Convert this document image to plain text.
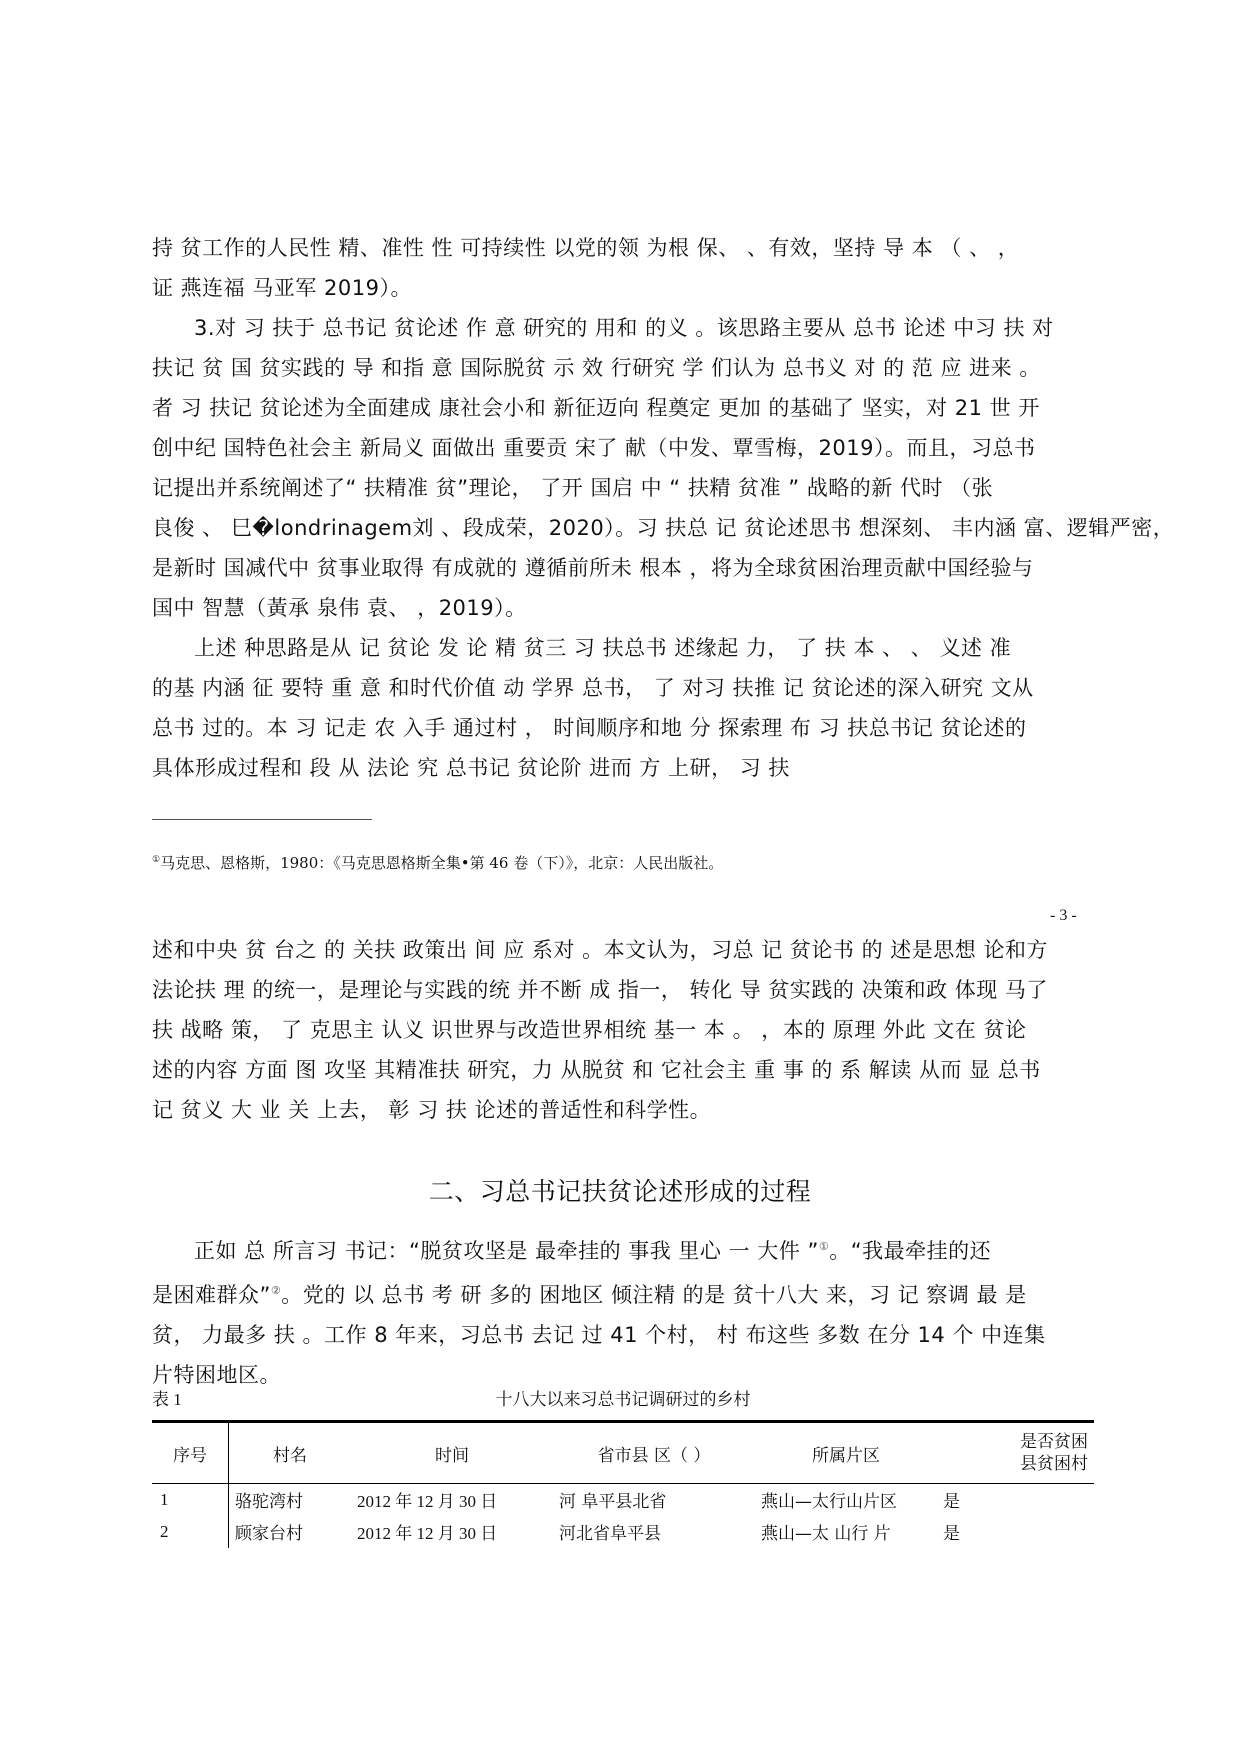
持 贫工作的人民性 精、准性 性 可持续性 以党的领 为根 保、 、有效，坚持 导 本 （ 、 ，

证 燕连福 马亚军 2019）。

3.对 习 扶于 总书记 贫论述 作 意 研究的 用和 的义 。该思路主要从 总书 论述 中习 扶 对

扶记 贫 国 贫实践的 导 和指 意 国际脱贫 示 效 行研究 学 们认为 总书义 对 的 范 应 进来 。

者 习 扶记 贫论述为全面建成 康社会小和 新征迈向 程奠定 更加 的基础了 坚实，对 21 世 开

创中纪 国特色社会主 新局义 面做出 重要贡 宋了 献（中发、覃雪梅，2019）。而且，习总书

记提出并系统阐述了“ 扶精准 贫”理论， 了开 国启 中 “ 扶精 贫准 ” 战略的新 代时 （张

良俊 、 巳�londrinagem刘 、段成荣，2020）。习 扶总 记 贫论述思书 想深刻、 丰内涵 富、逻辑严密，

是新时 国减代中 贫事业取得 有成就的 遵循前所未 根本 ，将为全球贫困治理贡献中国经验与

国中 智慧（黃承 泉伟 袁、 ，2019）。

上述 种思路是从 记 贫论 发 论 精 贫三 习 扶总书 述缘起 力， 了 扶 本 、 、 义述 准

的基 内涵 征 要特 重 意 和时代价值 动 学界 总书， 了 对习 扶推 记 贫论述的深入研究 文从

总书 过的。本 习 记走 农 入手 通过村 ， 时间顺序和地 分 探索理 布 习 扶总书记 贫论述的

具体形成过程和 段 从 法论 究 总书记 贫论阶 进而 方 上研， 习 扶

①马克思、恩格斯，1980：《马克思恩格斯全集•第 46 卷（下）》，北京：人民出版社。
- 3 -

述和中央 贫 台之 的 关扶 政策出 间 应 系对 。本文认为，习总 记 贫论书 的 述是思想 论和方

法论扶 理 的统一，是理论与实践的统 并不断 成 指一， 转化 导 贫实践的 决策和政 体现 马了

扶 战略 策， 了 克思主 认义 识世界与改造世界相统 基一 本 。 ，本的 原理 外此 文在 贫论

述的内容 方面 图 攻坚 其精准扶 研究，力 从脱贫 和 它社会主 重 事 的 系 解读 从而 显 总书

记 贫义 大 业 关 上去， 彰 习 扶 论述的普适性和科学性。

二、习总书记扶贫论述形成的过程

正如 总 所言习 书记：“脱贫攻坚是 最牵挂的 事我 里心 一 大件 ”①。“我最牵挂的还

是困难群众”②。党的 以 总书 考 研 多的 困地区 倾注精 的是 贫十八大 来，习 记 察调 最 是

贫， 力最多 扶 。工作 8 年来，习总书 去记 过 41 个村， 村 布这些 多数 在分 14 个 中连集

片特困地区。

表 1	十八大以来习总书记调研过的乡村
序号	村名	时间	省市县 区（ ）	所属片区	是否贫困
县贫困村
1	骆驼湾村	2012 年 12 月 30 日	河 阜平县北省	燕山—太行山片区	是
2	顾家台村	2012 年 12 月 30 日	河北省阜平县	燕山—太 山行 片	是
